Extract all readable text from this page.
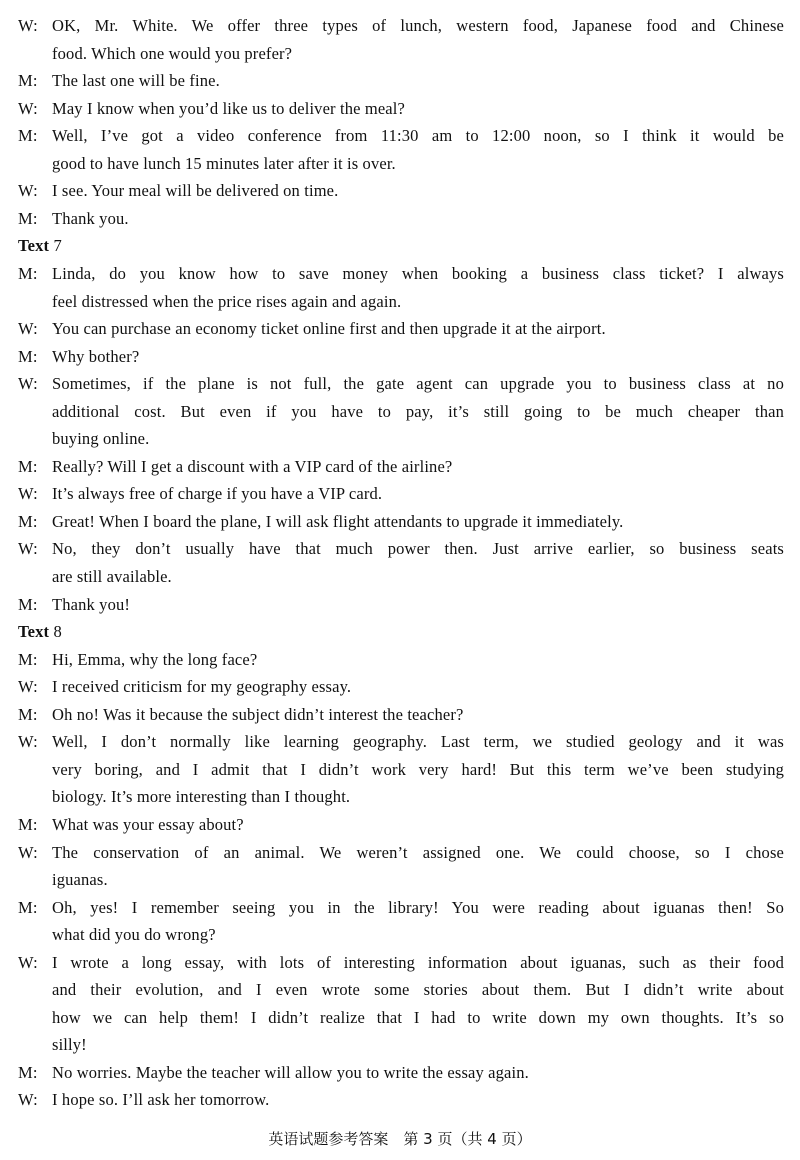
W: OK, Mr. White. We offer three types of lunch, western food, Japanese food and Chinese
food. Which one would you prefer?
M: The last one will be fine.
W: May I know when you’d like us to deliver the meal?
M: Well, I’ve got a video conference from 11:30 am to 12:00 noon, so I think it would be
good to have lunch 15 minutes later after it is over.
W: I see. Your meal will be delivered on time.
M: Thank you.
Text 7
M: Linda, do you know how to save money when booking a business class ticket? I always
feel distressed when the price rises again and again.
W: You can purchase an economy ticket online first and then upgrade it at the airport.
M: Why bother?
W: Sometimes, if the plane is not full, the gate agent can upgrade you to business class at no
additional cost. But even if you have to pay, it’s still going to be much cheaper than
buying online.
M: Really? Will I get a discount with a VIP card of the airline?
W: It’s always free of charge if you have a VIP card.
M: Great! When I board the plane, I will ask flight attendants to upgrade it immediately.
W: No, they don’t usually have that much power then. Just arrive earlier, so business seats
are still available.
M: Thank you!
Text 8
M: Hi, Emma, why the long face?
W: I received criticism for my geography essay.
M: Oh no! Was it because the subject didn’t interest the teacher?
W: Well, I don’t normally like learning geography. Last term, we studied geology and it was
very boring, and I admit that I didn’t work very hard! But this term we’ve been studying
biology. It’s more interesting than I thought.
M: What was your essay about?
W: The conservation of an animal. We weren’t assigned one. We could choose, so I chose
iguanas.
M: Oh, yes! I remember seeing you in the library! You were reading about iguanas then! So
what did you do wrong?
W: I wrote a long essay, with lots of interesting information about iguanas, such as their food
and their evolution, and I even wrote some stories about them. But I didn’t write about
how we can help them! I didn’t realize that I had to write down my own thoughts. It’s so
silly!
M: No worries. Maybe the teacher will allow you to write the essay again.
W: I hope so. I’ll ask her tomorrow.
英语试题参考答案　第 3 页（共 4 页）
